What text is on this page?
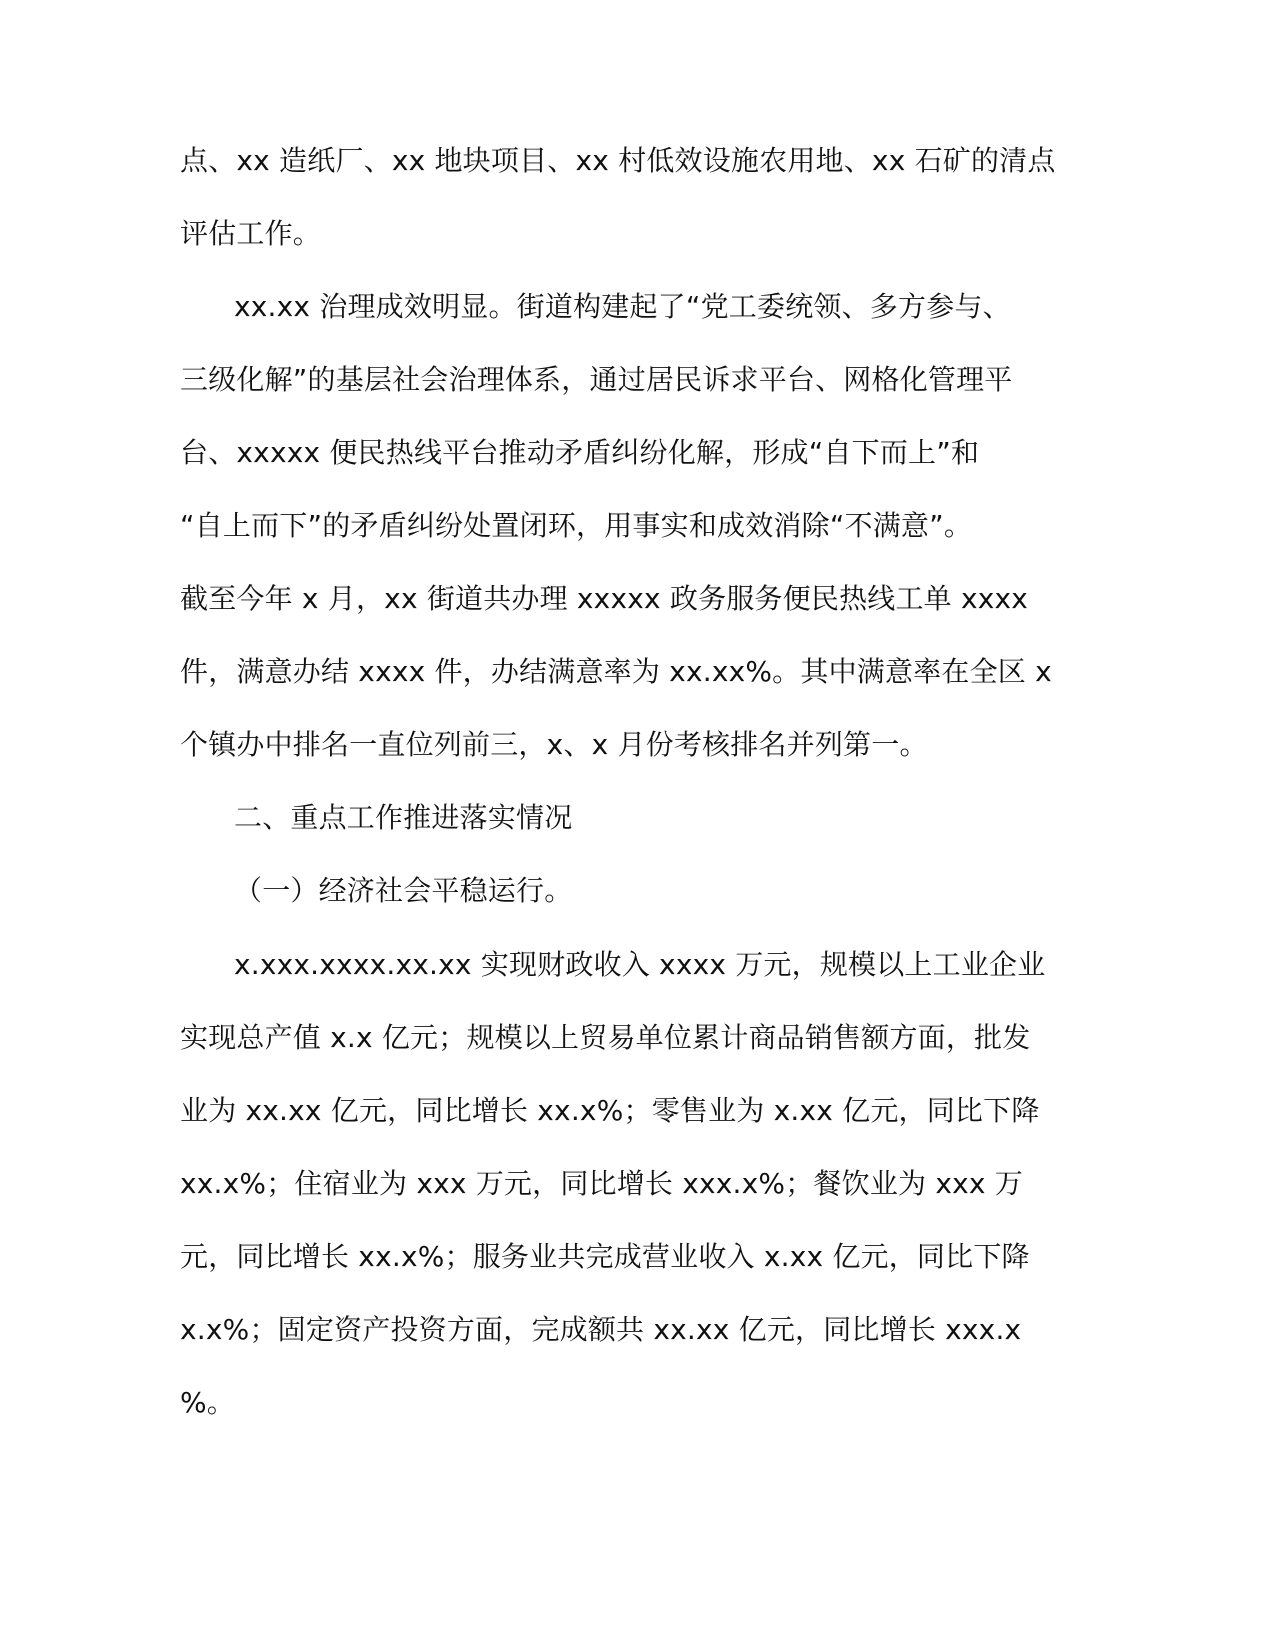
点、xx 造纸厂、xx 地块项目、xx 村低效设施农用地、xx 石矿的清点
评估工作。
xx.xx 治理成效明显。街道构建起了“党工委统领、多方参与、
三级化解”的基层社会治理体系，通过居民诉求平台、网格化管理平
台、xxxxx 便民热线平台推动矛盾纠纷化解，形成“自下而上”和
“自上而下”的矛盾纠纷处置闭环，用事实和成效消除“不满意”。
截至今年 x 月，xx 街道共办理 xxxxx 政务服务便民热线工单 xxxx
件，满意办结 xxxx 件，办结满意率为 xx.xx%。其中满意率在全区 x
个镇办中排名一直位列前三，x、x 月份考核排名并列第一。
二、重点工作推进落实情况
（一）经济社会平稳运行。
x.xxx.xxxx.xx.xx 实现财政收入 xxxx 万元，规模以上工业企业
实现总产值 x.x 亿元；规模以上贸易单位累计商品销售额方面，批发
业为 xx.xx 亿元，同比增长 xx.x%；零售业为 x.xx 亿元，同比下降
xx.x%；住宿业为 xxx 万元，同比增长 xxx.x%；餐饮业为 xxx 万
元，同比增长 xx.x%；服务业共完成营业收入 x.xx 亿元，同比下降
x.x%；固定资产投资方面，完成额共 xx.xx 亿元，同比增长 xxx.x
%。
